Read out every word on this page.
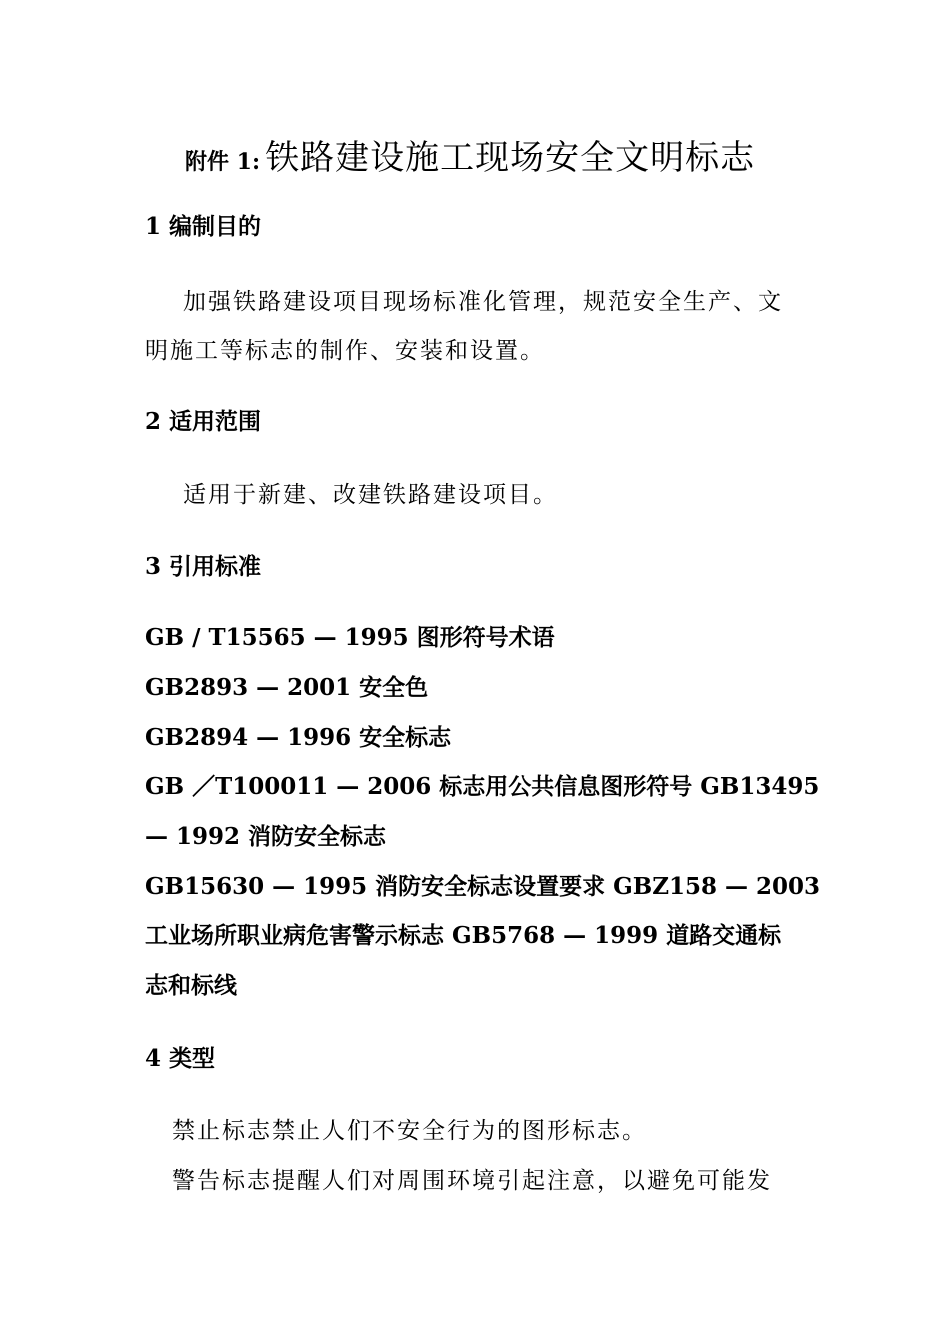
附件 1: 铁路建设施工现场安全文明标志
1 编制目的
加强铁路建设项目现场标准化管理，规范安全生产、文
明施工等标志的制作、安装和设置。
2 适用范围
适用于新建、改建铁路建设项目。
3 引用标准
GB / T15565 — 1995 图形符号术语
GB2893 — 2001 安全色
GB2894 — 1996 安全标志
GB ／T100011 — 2006 标志用公共信息图形符号 GB13495
— 1992 消防安全标志
GB15630 — 1995 消防安全标志设置要求 GBZ158 — 2003
工业场所职业病危害警示标志 GB5768 — 1999 道路交通标
志和标线
4 类型
禁止标志禁止人们不安全行为的图形标志。
警告标志提醒人们对周围环境引起注意，以避免可能发
